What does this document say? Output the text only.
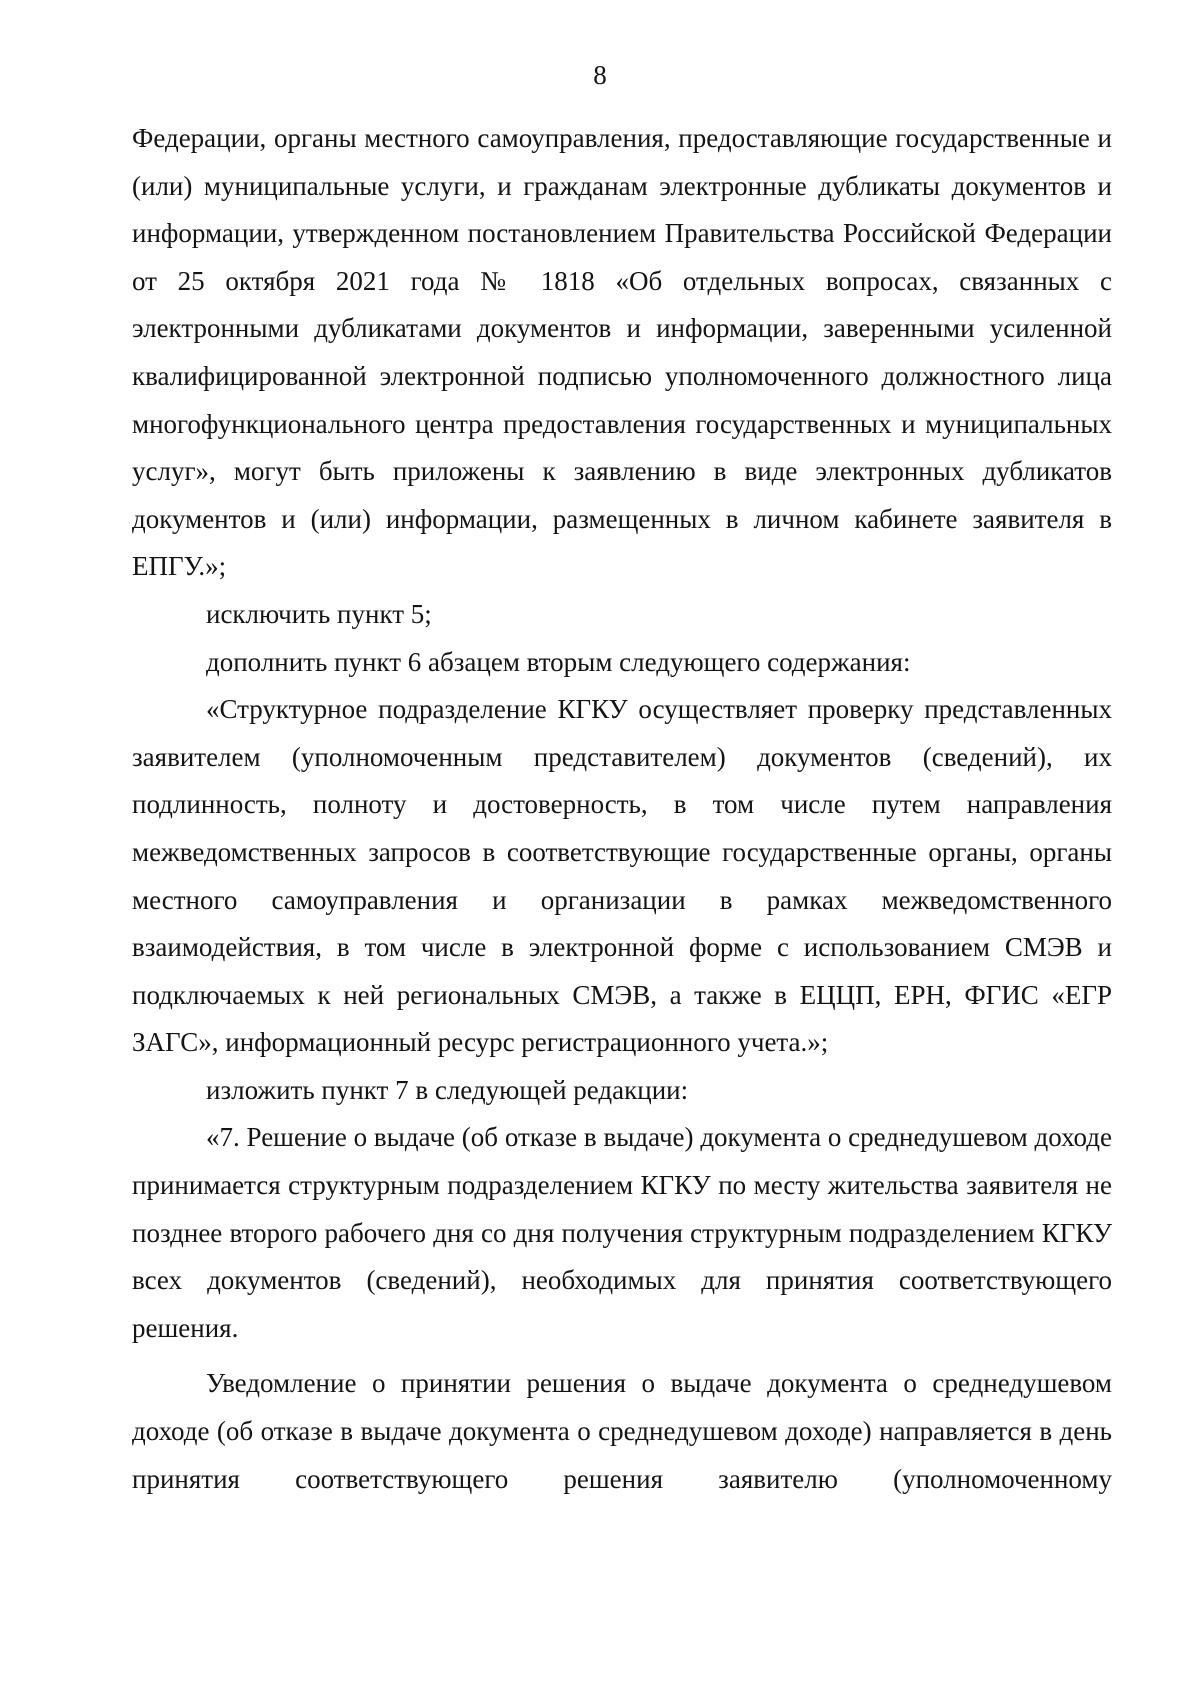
8

Федерации, органы местного самоуправления, предоставляющие государственные и (или) муниципальные услуги, и гражданам электронные дубликаты документов и информации, утвержденном постановлением Правительства Российской Федерации от 25 октября 2021 года № 1818 «Об отдельных вопросах, связанных с электронными дубликатами документов и информации, заверенными усиленной квалифицированной электронной подписью уполномоченного должностного лица многофункционального центра предоставления государственных и муниципальных услуг», могут быть приложены к заявлению в виде электронных дубликатов документов и (или) информации, размещенных в личном кабинете заявителя в ЕПГУ.»;

исключить пункт 5;

дополнить пункт 6 абзацем вторым следующего содержания:

«Структурное подразделение КГКУ осуществляет проверку представленных заявителем (уполномоченным представителем) документов (сведений), их подлинность, полноту и достоверность, в том числе путем направления межведомственных запросов в соответствующие государственные органы, органы местного самоуправления и организации в рамках межведомственного взаимодействия, в том числе в электронной форме с использованием СМЭВ и подключаемых к ней региональных СМЭВ, а также в ЕЦЦП, ЕРН, ФГИС «ЕГР ЗАГС», информационный ресурс регистрационного учета.»;

изложить пункт 7 в следующей редакции:

«7. Решение о выдаче (об отказе в выдаче) документа о среднедушевом доходе принимается структурным подразделением КГКУ по месту жительства заявителя не позднее второго рабочего дня со дня получения структурным подразделением КГКУ всех документов (сведений), необходимых для принятия соответствующего решения.

Уведомление о принятии решения о выдаче документа о среднедушевом доходе (об отказе в выдаче документа о среднедушевом доходе) направляется в день принятия соответствующего решения заявителю (уполномоченному
